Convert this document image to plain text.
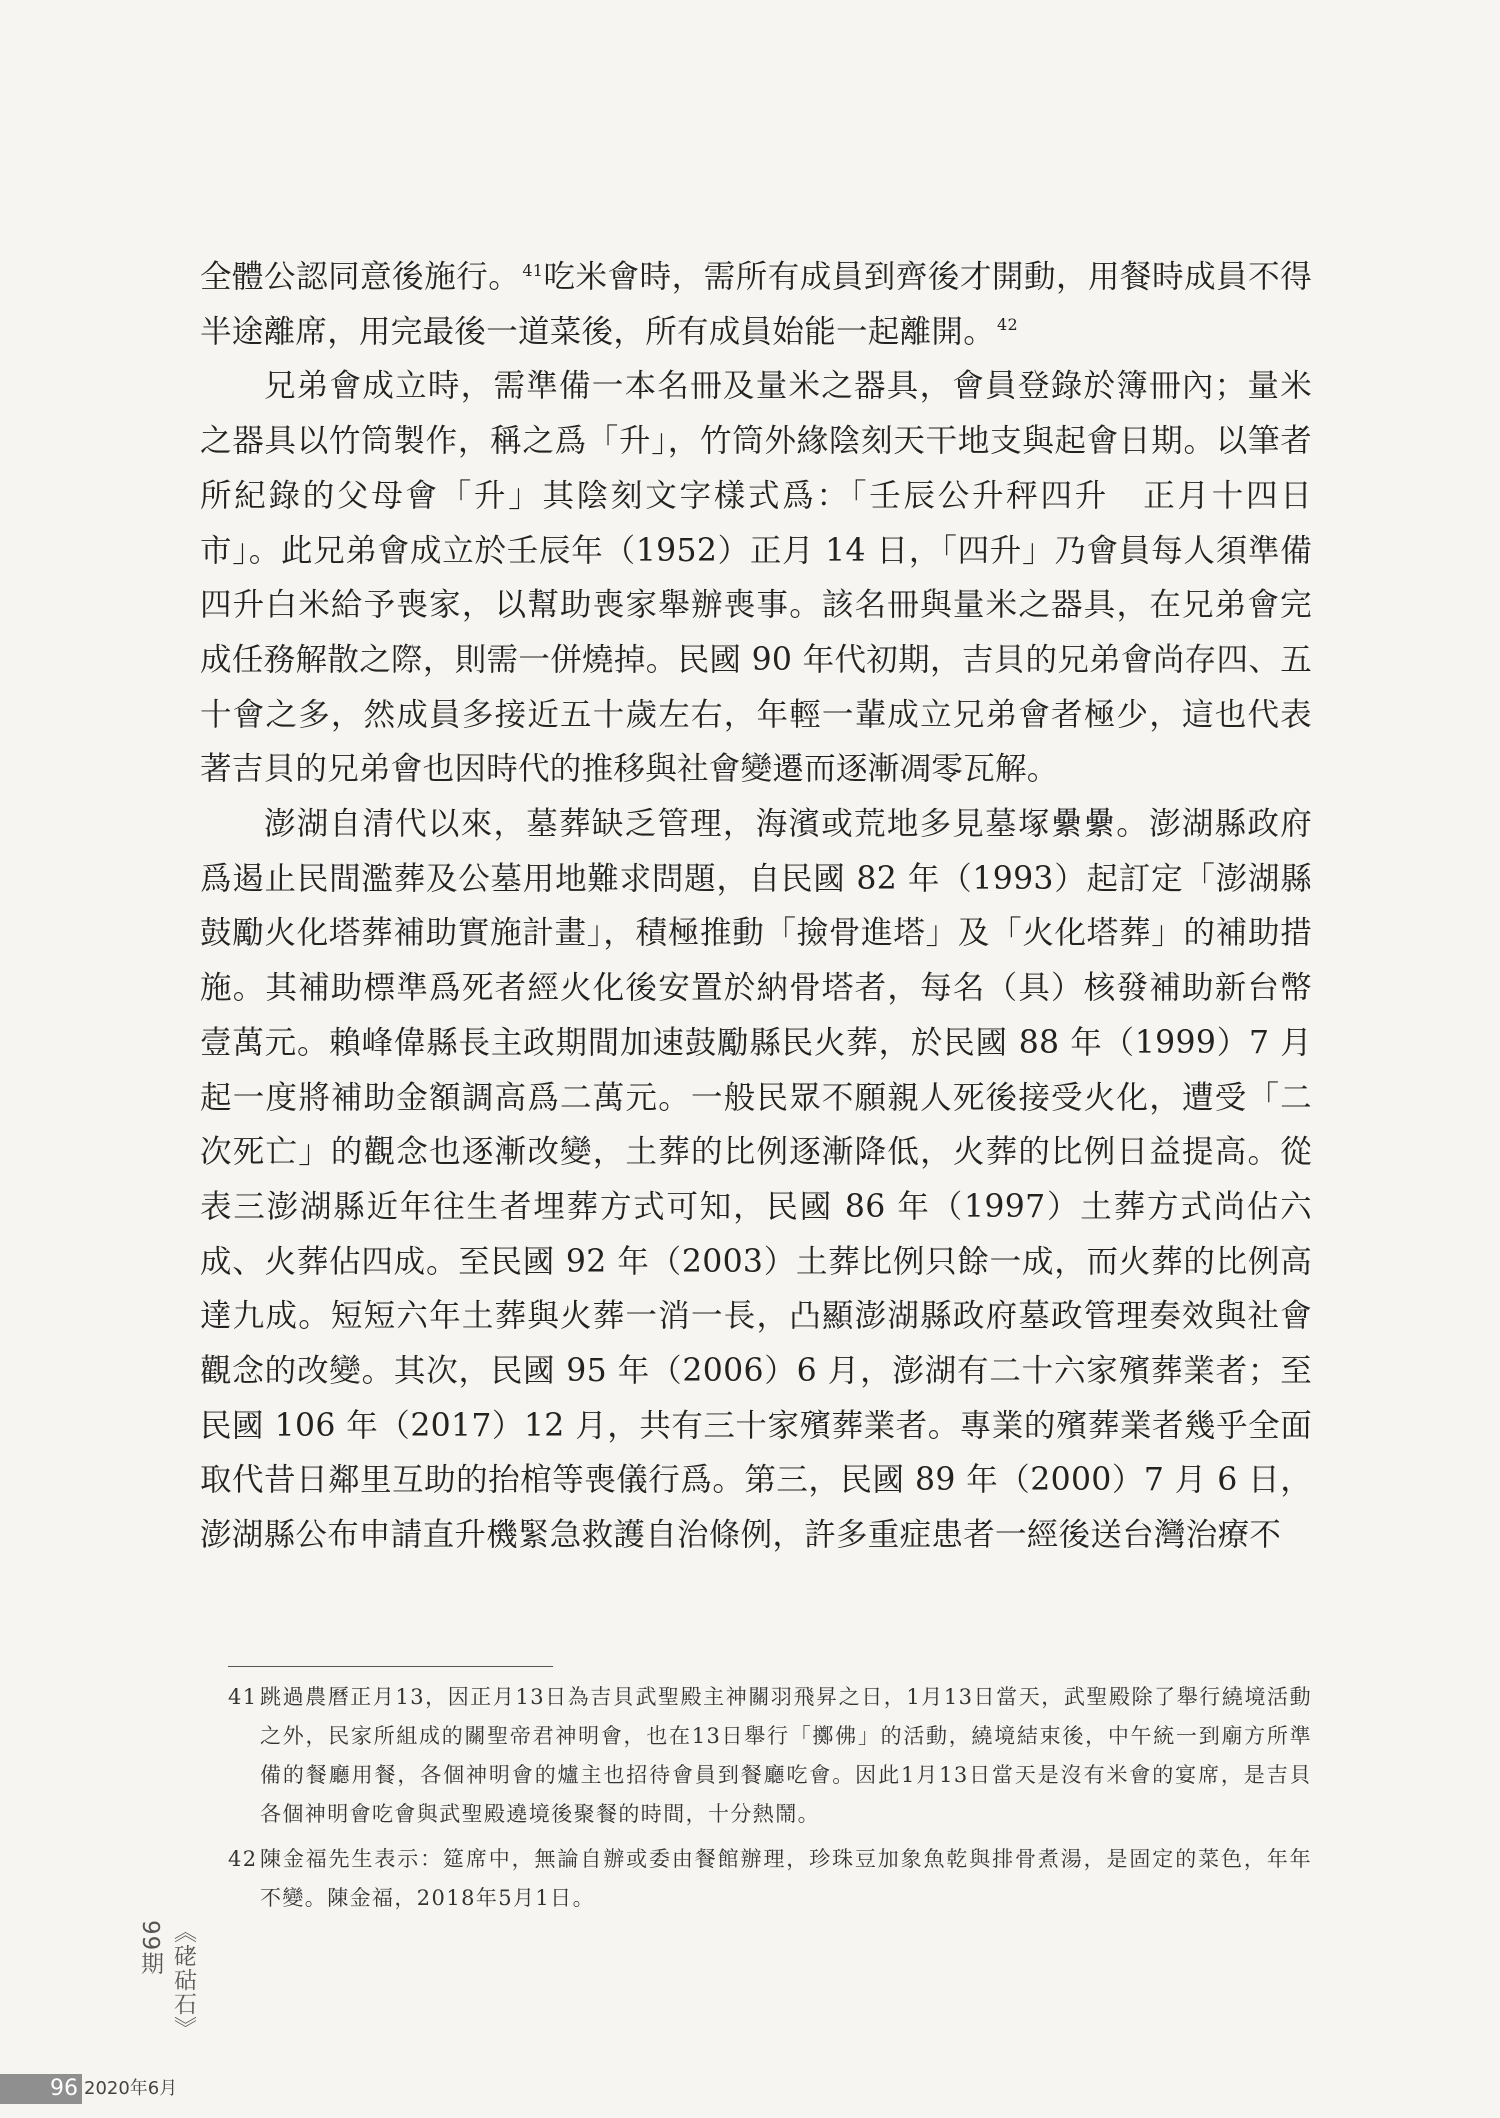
全體公認同意後施行。 $^{41}$吃米會時，需所有成員到齊後才開動，用餐時成員不得半途離席，用完最後一道菜後，所有成員始能一起離開。 $^{42}$

兄弟會成立時，需準備一本名冊及量米之器具，會員登錄於簿冊內；量米之器具以竹筒製作，稱之爲「升」，竹筒外緣陰刻天干地支與起會日期。以筆者所紀錄的父母會「升」其陰刻文字樣式爲：「壬辰公升秤四升　正月十四日市」。此兄弟會成立於壬辰年（1952）正月 14 日，「四升」乃會員每人須準備四升白米給予喪家，以幫助喪家舉辦喪事。該名冊與量米之器具，在兄弟會完成任務解散之際，則需一併燒掉。民國 90 年代初期，吉貝的兄弟會尚存四、五十會之多，然成員多接近五十歲左右，年輕一輩成立兄弟會者極少，這也代表著吉貝的兄弟會也因時代的推移與社會變遷而逐漸凋零瓦解。

澎湖自清代以來，墓葬缺乏管理，海濱或荒地多見墓塚纍纍。澎湖縣政府爲遏止民間濫葬及公墓用地難求問題，自民國 82 年（1993）起訂定「澎湖縣鼓勵火化塔葬補助實施計畫」，積極推動「撿骨進塔」及「火化塔葬」的補助措施。其補助標準爲死者經火化後安置於納骨塔者，每名（具）核發補助新台幣壹萬元。賴峰偉縣長主政期間加速鼓勵縣民火葬，於民國 88 年（1999）7 月起一度將補助金額調高爲二萬元。一般民眾不願親人死後接受火化，遭受「二次死亡」的觀念也逐漸改變，土葬的比例逐漸降低，火葬的比例日益提高。從表三澎湖縣近年往生者埋葬方式可知，民國 86 年（1997）土葬方式尚佔六成、火葬佔四成。至民國 92 年（2003）土葬比例只餘一成，而火葬的比例高達九成。短短六年土葬與火葬一消一長，凸顯澎湖縣政府墓政管理奏效與社會觀念的改變。其次，民國 95 年（2006）6 月，澎湖有二十六家殯葬業者；至民國 106 年（2017）12 月，共有三十家殯葬業者。專業的殯葬業者幾乎全面取代昔日鄰里互助的抬棺等喪儀行爲。第三，民國 89 年（2000）7 月 6 日，澎湖縣公布申請直升機緊急救護自治條例，許多重症患者一經後送台灣治療不

41 跳過農曆正月13，因正月13日為吉貝武聖殿主神關羽飛昇之日，1月13日當天，武聖殿除了舉行繞境活動之外，民家所組成的關聖帝君神明會，也在13日舉行「擲佛」的活動，繞境結束後，中午統一到廟方所準備的餐廳用餐，各個神明會的爐主也招待會員到餐廳吃會。因此1月13日當天是沒有米會的宴席，是吉貝各個神明會吃會與武聖殿遶境後聚餐的時間，十分熱鬧。
42 陳金福先生表示：筵席中，無論自辦或委由餐館辦理，珍珠豆加象魚乾與排骨煮湯，是固定的菜色，年年不變。陳金福，2018年5月1日。
《硓𥑮石》99期
96 2020年6月
